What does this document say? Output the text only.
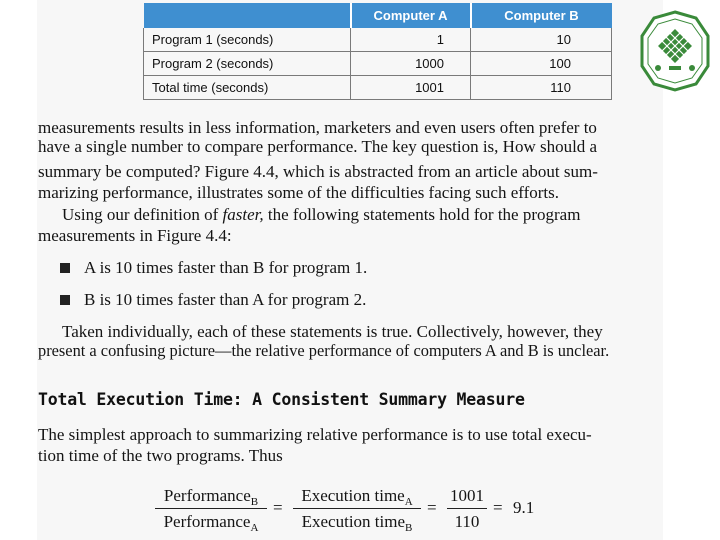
	Computer A	Computer B
Program 1 (seconds)	1	10
Program 2 (seconds)	1000	100
Total time (seconds)	1001	110
measurements results in less information, marketers and even users often prefer to
have a single number to compare performance. The key question is, How should a
summary be computed? Figure 4.4, which is abstracted from an article about sum-
marizing performance, illustrates some of the difficulties facing such efforts.
Using our definition of faster, the following statements hold for the program
measurements in Figure 4.4:
A is 10 times faster than B for program 1.
B is 10 times faster than A for program 2.
Taken individually, each of these statements is true. Collectively, however, they
present a confusing picture—the relative performance of computers A and B is unclear.
Total Execution Time: A Consistent Summary Measure
The simplest approach to summarizing relative performance is to use total execu-
tion time of the two programs. Thus
Performance$_B$
Performance$_A$
=
Execution time$_A$
Execution time$_B$
=
1001
110
= 9.1
